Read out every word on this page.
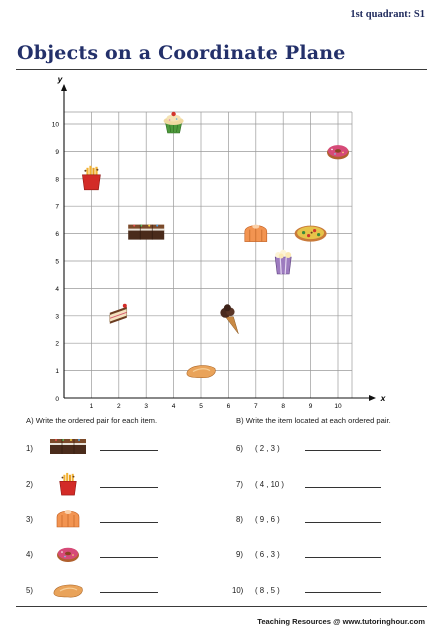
1st quadrant: S1
Objects on a Coordinate Plane
y
x
0
1	2	3	4	5	6	7	8	9	10
1
2
3
4
5
6
7
8
9
10
A) Write the ordered pair for each item.	B) Write the item located at each ordered pair.
1)
2)
3)
4)
5)
6)	( 2 , 3 )
7)	( 4 , 10 )
8)	( 9 , 6 )
9)	( 6 , 3 )
10)	( 8 , 5 )
Teaching Resources @ www.tutoringhour.com
